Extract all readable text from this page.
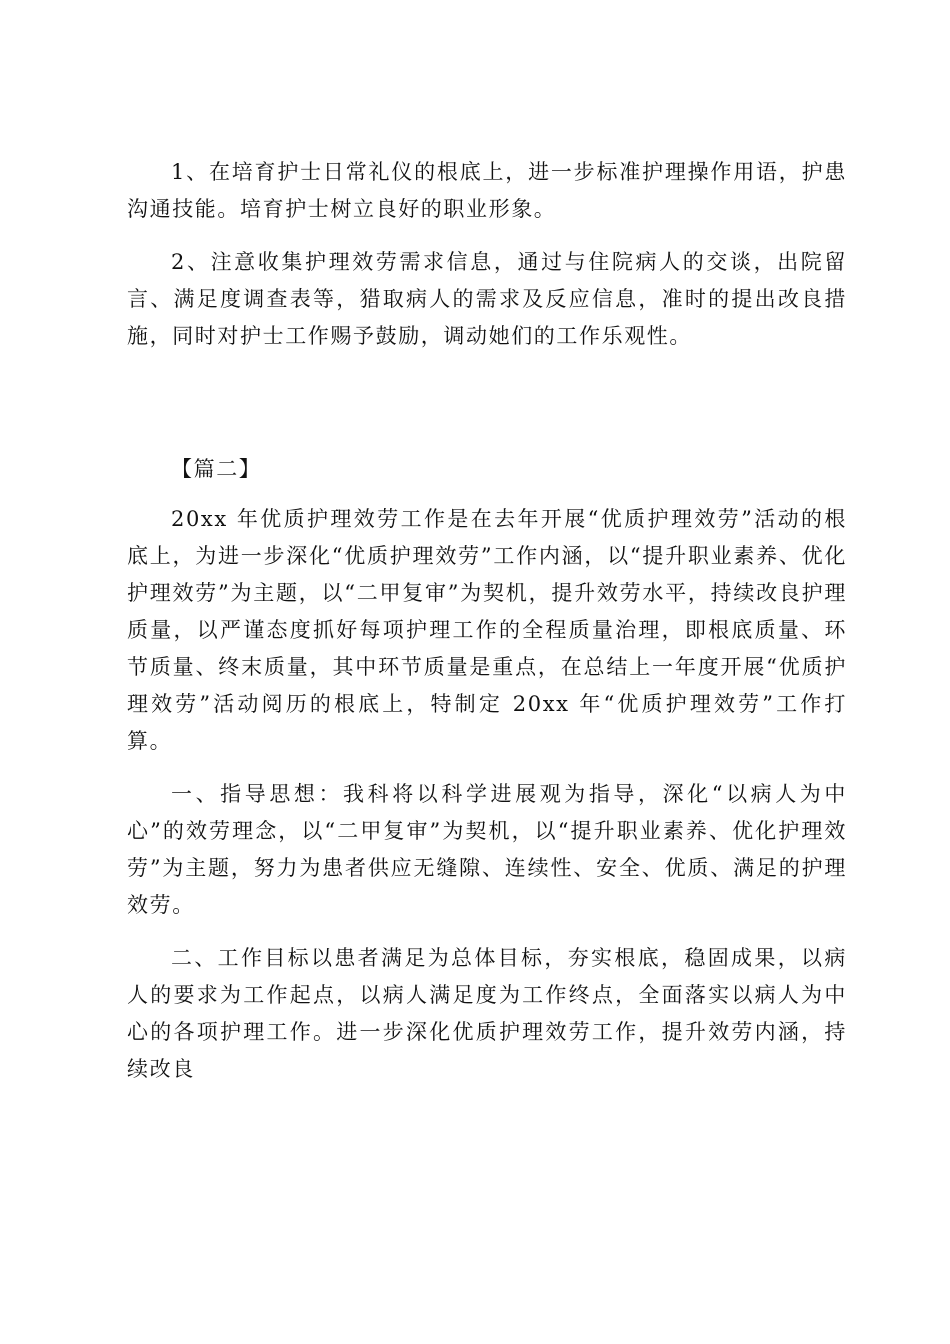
1、在培育护士日常礼仪的根底上，进一步标准护理操作用语，护患沟通技能。培育护士树立良好的职业形象。

2、注意收集护理效劳需求信息，通过与住院病人的交谈，出院留言、满足度调查表等，猎取病人的需求及反应信息，准时的提出改良措施，同时对护士工作赐予鼓励，调动她们的工作乐观性。

【篇二】

20xx 年优质护理效劳工作是在去年开展“优质护理效劳”活动的根底上，为进一步深化“优质护理效劳”工作内涵，以“提升职业素养、优化护理效劳”为主题，以“二甲复审”为契机，提升效劳水平，持续改良护理质量，以严谨态度抓好每项护理工作的全程质量治理，即根底质量、环节质量、终末质量，其中环节质量是重点，在总结上一年度开展“优质护理效劳”活动阅历的根底上，特制定 20xx 年“优质护理效劳”工作打算。

一、指导思想：我科将以科学进展观为指导，深化“以病人为中心”的效劳理念，以“二甲复审”为契机，以“提升职业素养、优化护理效劳”为主题，努力为患者供应无缝隙、连续性、安全、优质、满足的护理效劳。

二、工作目标以患者满足为总体目标，夯实根底，稳固成果，以病人的要求为工作起点，以病人满足度为工作终点，全面落实以病人为中心的各项护理工作。进一步深化优质护理效劳工作，提升效劳内涵，持续改良
